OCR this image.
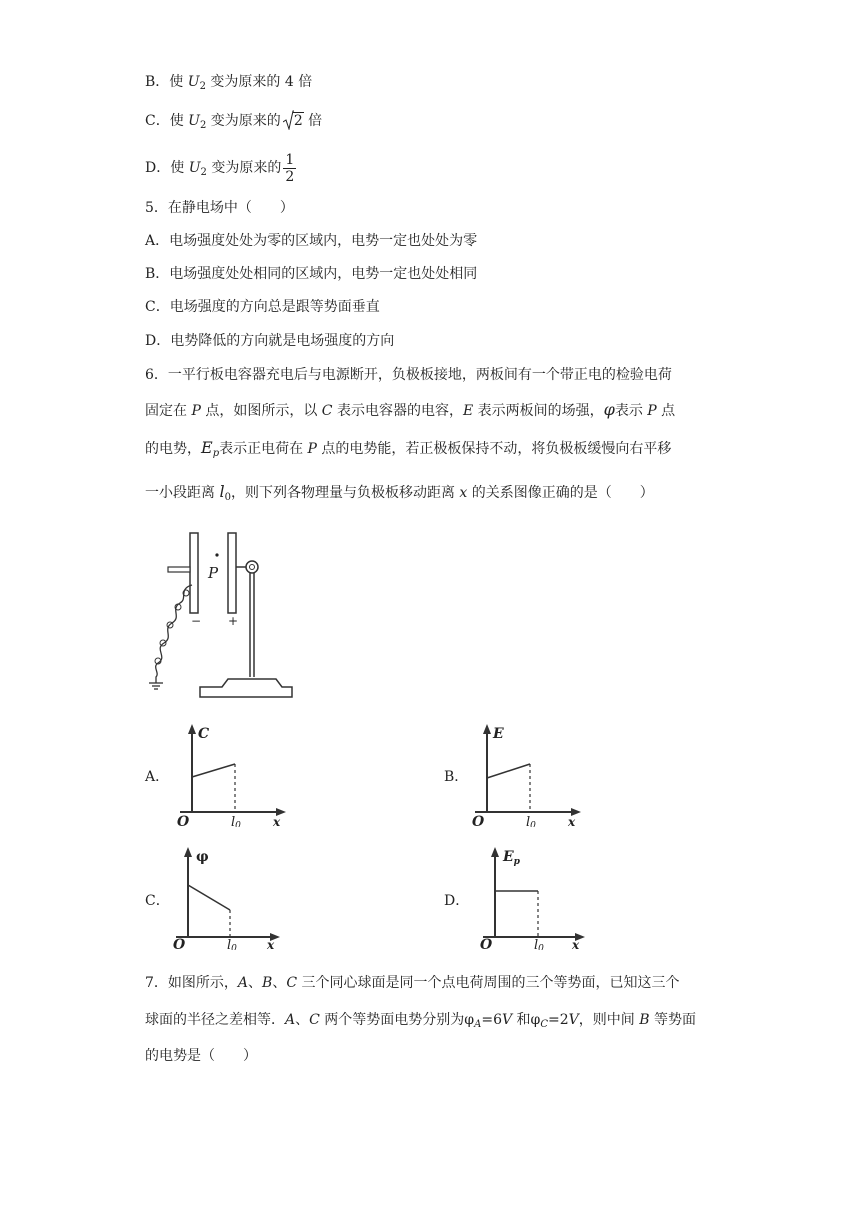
B．使 $U_2$ 变为原来的 4 倍
C．使 $U_2$ 变为原来的 2 倍
D．使 $U_2$ 变为原来的 $\frac{1}{2}$
5．在静电场中（　　）
A．电场强度处处为零的区域内，电势一定也处处为零
B．电场强度处处相同的区域内，电势一定也处处相同
C．电场强度的方向总是跟等势面垂直
D．电势降低的方向就是电场强度的方向
6．一平行板电容器充电后与电源断开，负极板接地，两板间有一个带正电的检验电荷
固定在 P 点，如图所示，以 C 表示电容器的电容，E 表示两板间的场强，φ表示 P 点
的电势，$E_p$表示正电荷在 P 点的电势能，若正极板保持不动，将负极板缓慢向右平移
一小段距离 $l_0$，则下列各物理量与负极板移动距离 x 的关系图像正确的是（　　）
P
− +
A．
C
O	l0	x
B．
E
O	l0	x
C．
φ
O	l0	x
D．
$E_p$
O	l0 x
7．如图所示，A、B、C 三个同心球面是同一个点电荷周围的三个等势面，已知这三个
球面的半径之差相等．A、C 两个等势面电势分别为$\varphi_A=6V$ 和$\varphi_C=2V$，则中间 B 等势面
的电势是（　　）
